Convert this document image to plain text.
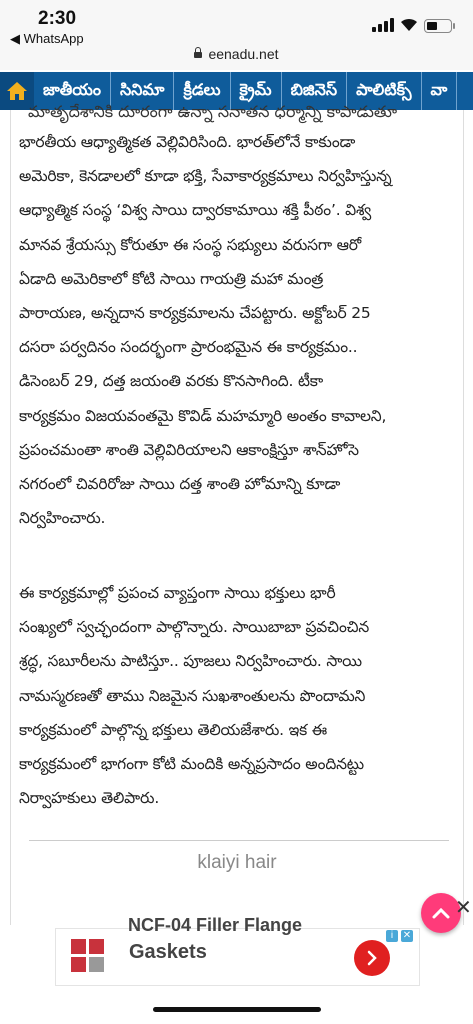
2:30
◀ WhatsApp
eenadu.net
జాతీయం	సినిమా	క్రీడలు	క్రైమ్	బిజినెస్	పాలిటిక్స్	వా
మాతృదేశానికి దూరంగా ఉన్నా సనాతన ధర్మాన్ని కాపాడుతూ
భారతీయ ఆధ్యాత్మికత వెల్లివిరిసింది. భారత్‌లోనే కాకుండా
అమెరికా, కెనడాలలో కూడా భక్తి, సేవాకార్యక్రమాలు నిర్వహిస్తున్న
ఆధ్యాత్మిక సంస్థ ‘విశ్వ సాయి ద్వారకామాయి శక్తి పీఠం’. విశ్వ
మానవ శ్రేయస్సు కోరుతూ ఈ సంస్థ సభ్యులు వరుసగా ఆరో
ఏడాది అమెరికాలో కోటి సాయి గాయత్రి మహా మంత్ర
పారాయణ, అన్నదాన కార్యక్రమాలను చేపట్టారు. అక్టోబర్ 25
దసరా పర్వదినం సందర్భంగా ప్రారంభమైన ఈ కార్యక్రమం..
డిసెంబర్ 29, దత్త జయంతి వరకు కొనసాగింది. టీకా
కార్యక్రమం విజయవంతమై కొవిడ్ మహమ్మారి అంతం కావాలని,
ప్రపంచమంతా శాంతి వెల్లివిరియాలని ఆకాంక్షిస్తూ శాన్‌హోసె
నగరంలో చివరిరోజు సాయి దత్త శాంతి హోమాన్ని కూడా
నిర్వహించారు.
ఈ కార్యక్రమాల్లో ప్రపంచ వ్యాప్తంగా సాయి భక్తులు భారీ
సంఖ్యలో స్వచ్ఛందంగా పాల్గొన్నారు. సాయిబాబా ప్రవచించిన
శ్రద్ధ, సబూరీలను పాటిస్తూ.. పూజలు నిర్వహించారు. సాయి
నామస్మరణతో తాము నిజమైన సుఖశాంతులను పొందామని
కార్యక్రమంలో పాల్గొన్న భక్తులు తెలియజేశారు. ఇక ఈ
కార్యక్రమంలో భాగంగా కోటి మందికి అన్నప్రసాదం అందినట్టు
నిర్వాహకులు తెలిపారు.
klaiyi hair
✕
NCF-04 Filler Flange
Gaskets
i ✕
